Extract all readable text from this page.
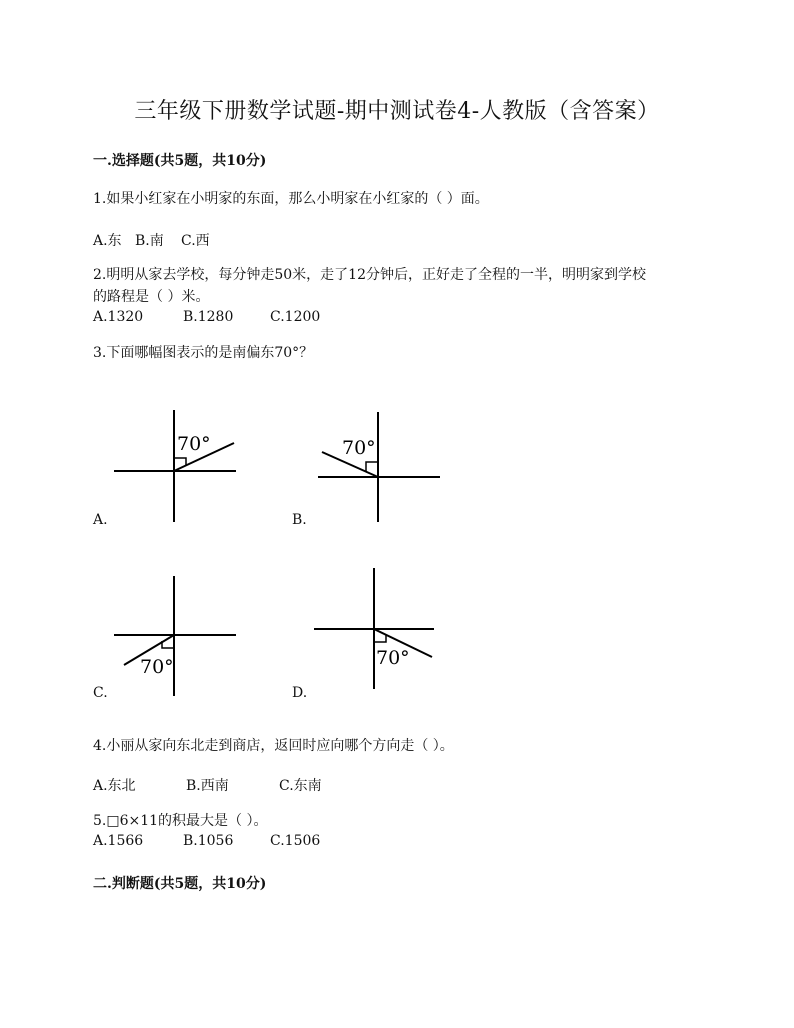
三年级下册数学试题-期中测试卷4-人教版（含答案）
一.选择题(共5题，共10分)
1.如果小红家在小明家的东面，那么小明家在小红家的（ ）面。
A.东 B.南	C.西
2.明明从家去学校，每分钟走50米，走了12分钟后，正好走了全程的一半，明明家到学校
的路程是（ ）米。
A.1320	B.1280	C.1200
3.下面哪幅图表示的是南偏东70°？
70°
A.
70°
B.
70°
C.
70°
D.
4.小丽从家向东北走到商店，返回时应向哪个方向走（ ）。
A.东北	B.西南	C.东南
5.□6×11的积最大是（ ）。
A.1566	B.1056	C.1506
二.判断题(共5题，共10分)
